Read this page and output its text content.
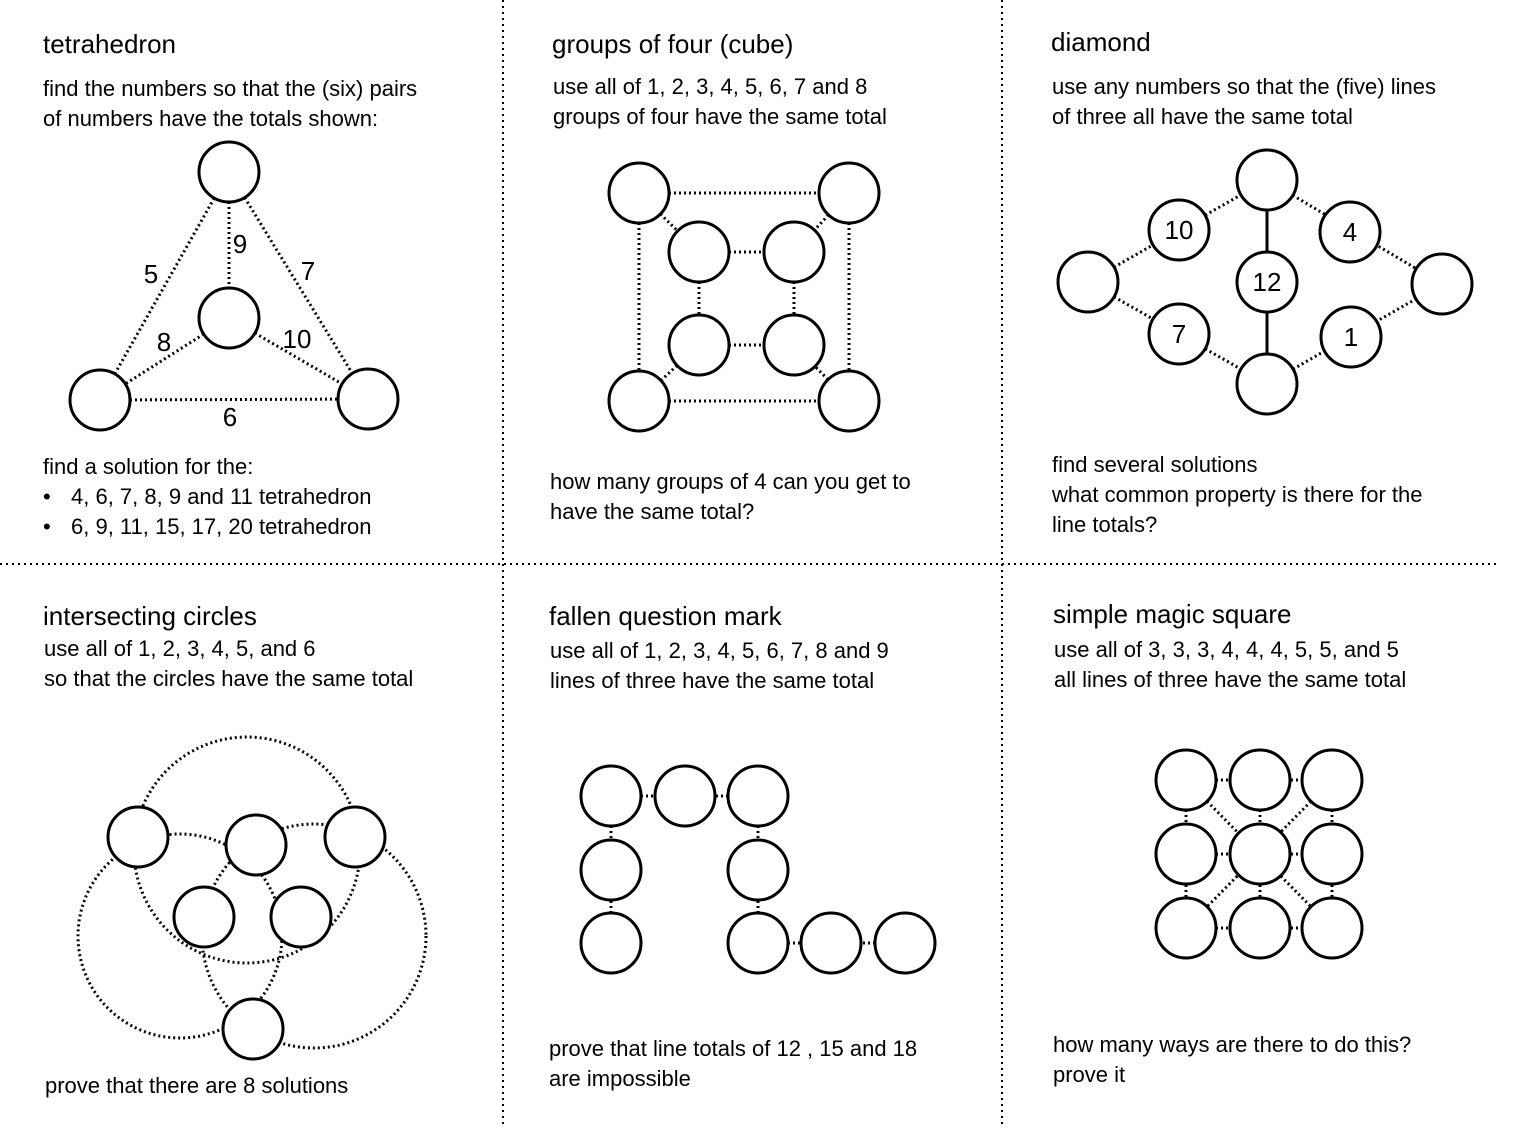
9
5	7
8	10
6
10	4
12
7	1
tetrahedron
find the numbers so that the (six) pairs
of numbers have the totals shown:
find a solution for the:
• 4, 6, 7, 8, 9 and 11 tetrahedron
• 6, 9, 11, 15, 17, 20 tetrahedron
groups of four (cube)
use all of 1, 2, 3, 4, 5, 6, 7 and 8
groups of four have the same total
how many groups of 4 can you get to
have the same total?
diamond
use any numbers so that the (five) lines
of three all have the same total
find several solutions
what common property is there for the
line totals?
intersecting circles
use all of 1, 2, 3, 4, 5, and 6
so that the circles have the same total
prove that there are 8 solutions
fallen question mark
use all of 1, 2, 3, 4, 5, 6, 7, 8 and 9
lines of three have the same total
prove that line totals of 12 , 15 and 18
are impossible
simple magic square
use all of 3, 3, 3, 4, 4, 4, 5, 5, and 5
all lines of three have the same total
how many ways are there to do this?
prove it
